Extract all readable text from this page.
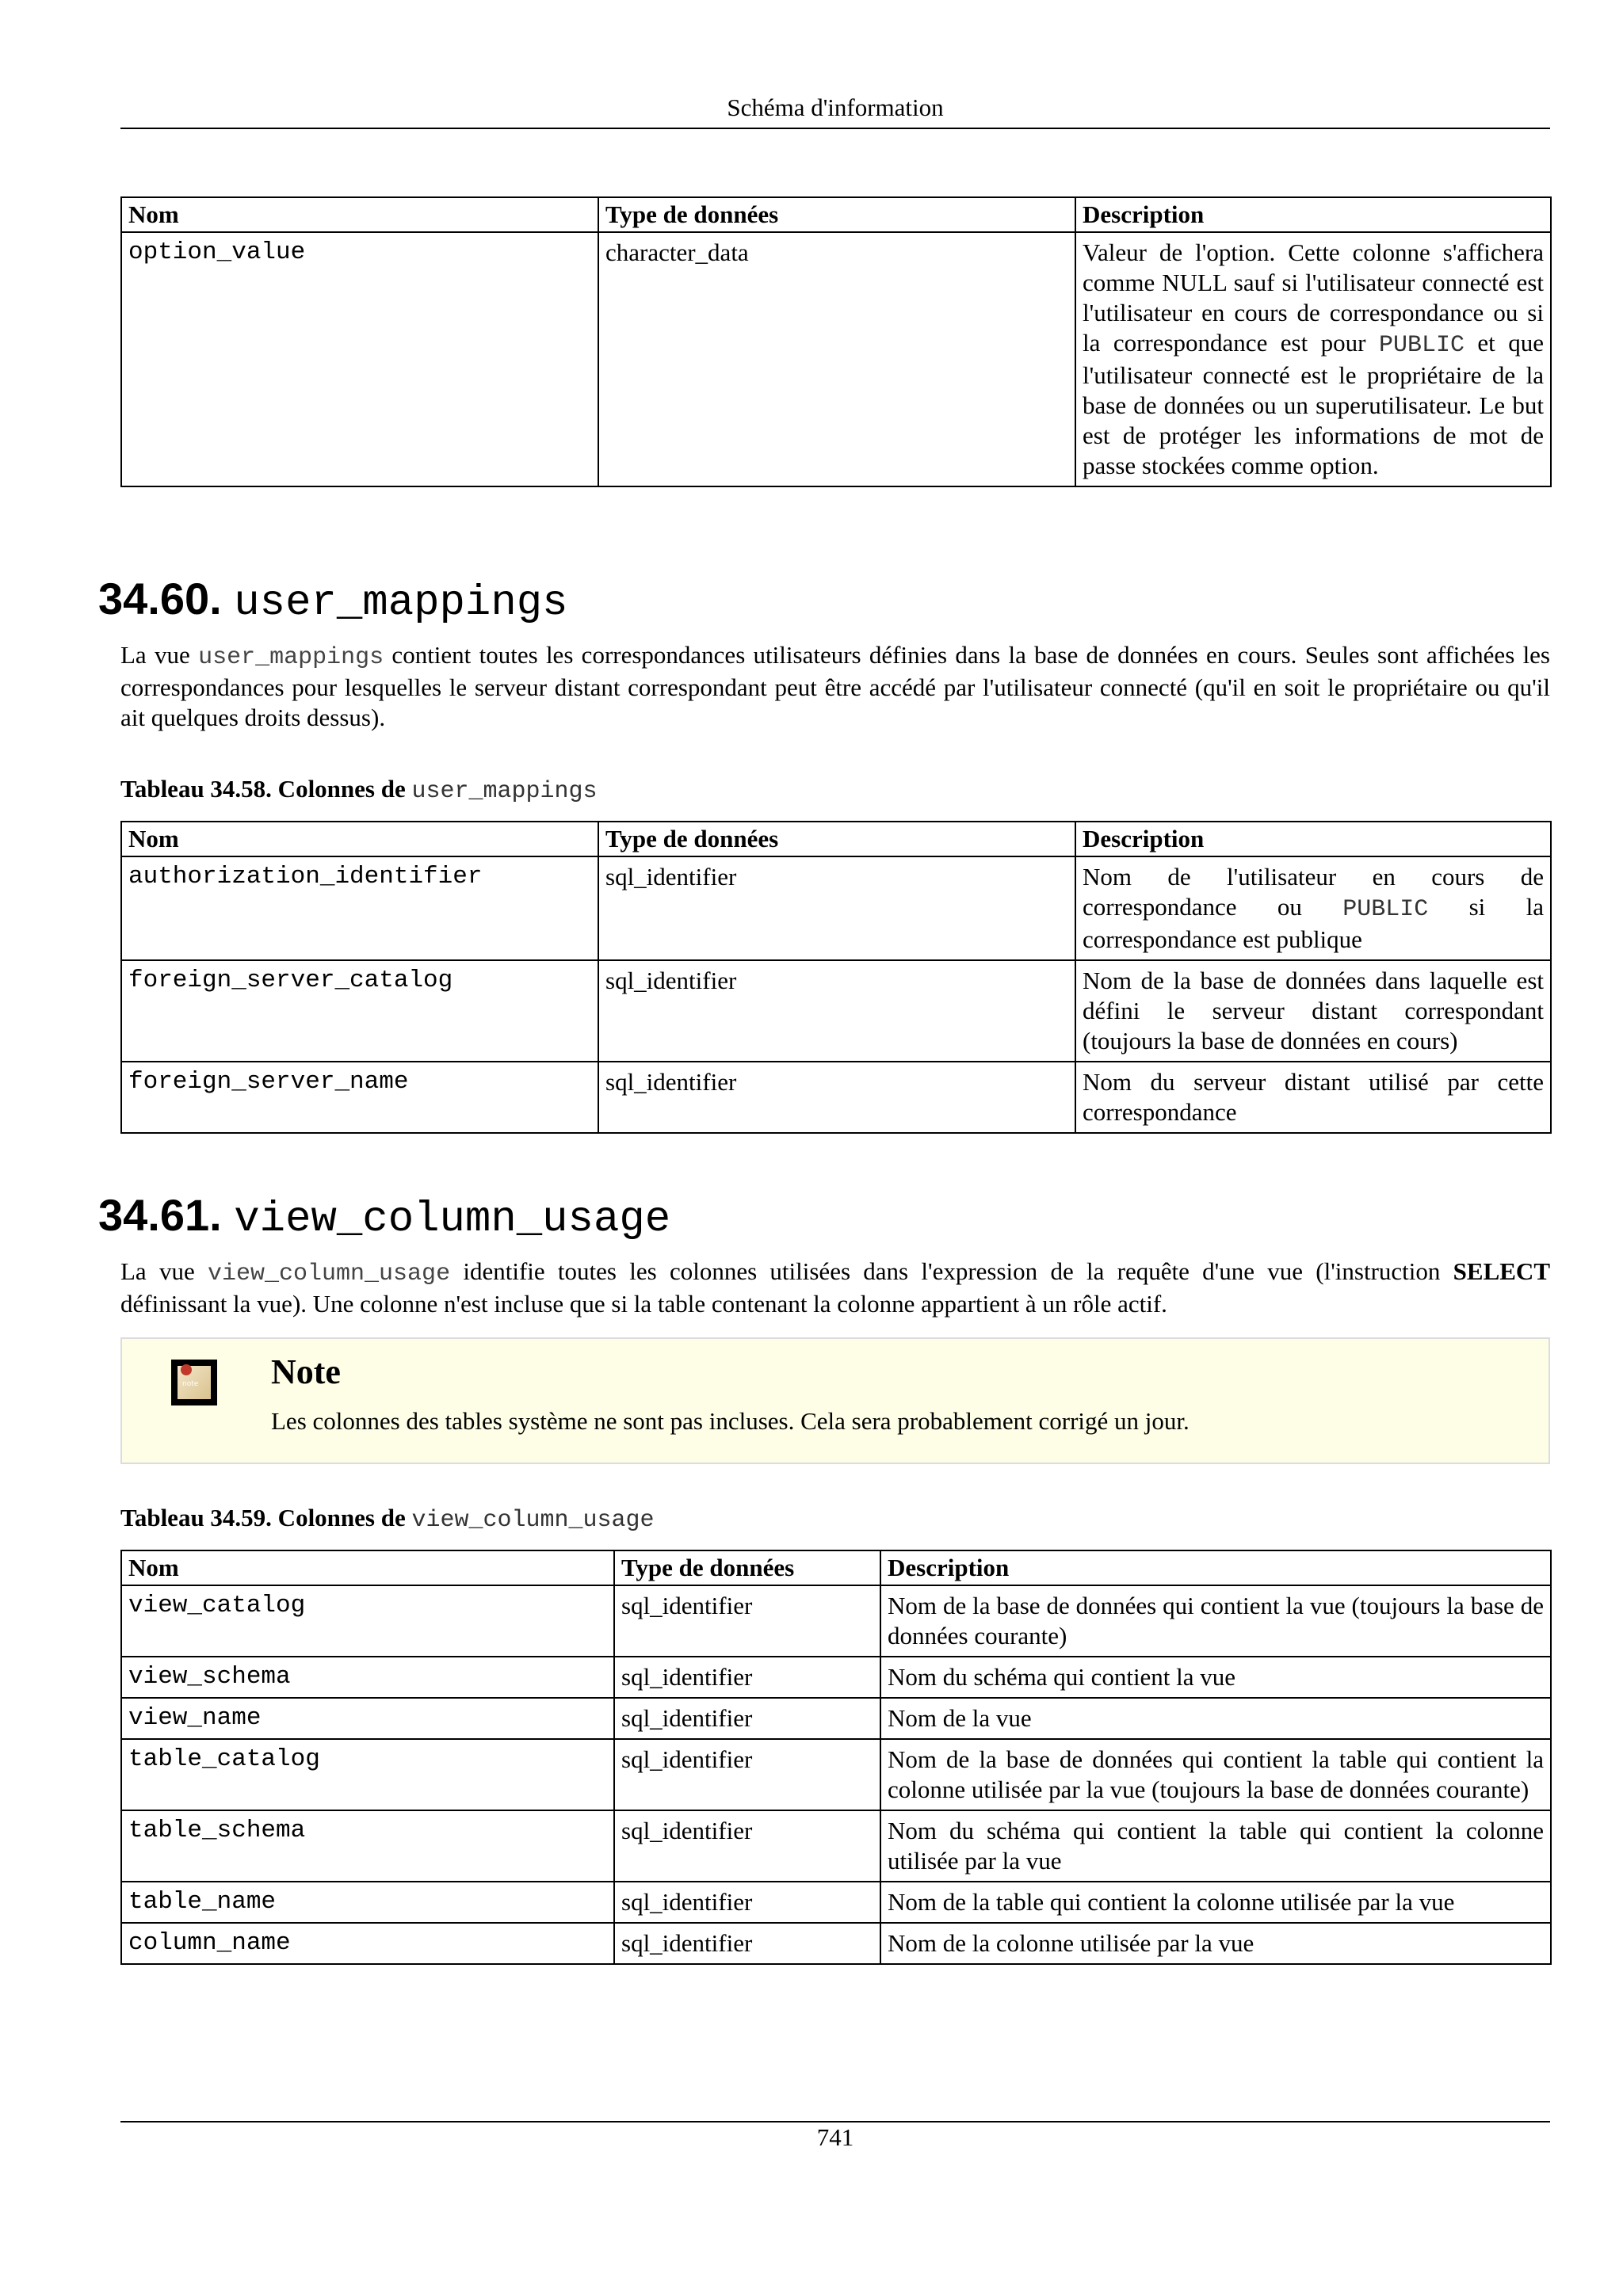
Schéma d'information
Nom	Type de données	Description
option_value	character_data	Valeur de l'option. Cette colonne s'affichera comme NULL sauf si l'utilisateur connecté est l'utilisateur en cours de correspondance ou si la correspondance est pour PUBLIC et que l'utilisateur connecté est le propriétaire de la base de données ou un superutilisateur. Le but est de protéger les informations de mot de passe stockées comme option.
34.60. user_mappings

La vue user_mappings contient toutes les correspondances utilisateurs définies dans la base de données en cours. Seules sont affichées les correspondances pour lesquelles le serveur distant correspondant peut être accédé par l'utilisateur connecté (qu'il en soit le propriétaire ou qu'il ait quelques droits dessus).

Tableau 34.58. Colonnes de user_mappings
Nom	Type de données	Description
authorization_identifier	sql_identifier	Nom de l'utilisateur en cours de correspondance ou PUBLIC si la correspondance est publique
foreign_server_catalog	sql_identifier	Nom de la base de données dans laquelle est défini le serveur distant correspondant (toujours la base de données en cours)
foreign_server_name	sql_identifier	Nom du serveur distant utilisé par cette correspondance
34.61. view_column_usage

La vue view_column_usage identifie toutes les colonnes utilisées dans l'expression de la requête d'une vue (l'instruction SELECT définissant la vue). Une colonne n'est incluse que si la table contenant la colonne appartient à un rôle actif.

note Note
Les colonnes des tables système ne sont pas incluses. Cela sera probablement corrigé un jour.
Tableau 34.59. Colonnes de view_column_usage
Nom	Type de données	Description
view_catalog	sql_identifier	Nom de la base de données qui contient la vue (toujours la base de données courante)
view_schema	sql_identifier	Nom du schéma qui contient la vue
view_name	sql_identifier	Nom de la vue
table_catalog	sql_identifier	Nom de la base de données qui contient la table qui contient la colonne utilisée par la vue (toujours la base de données courante)
table_schema	sql_identifier	Nom du schéma qui contient la table qui contient la colonne utilisée par la vue
table_name	sql_identifier	Nom de la table qui contient la colonne utilisée par la vue
column_name	sql_identifier	Nom de la colonne utilisée par la vue
741
